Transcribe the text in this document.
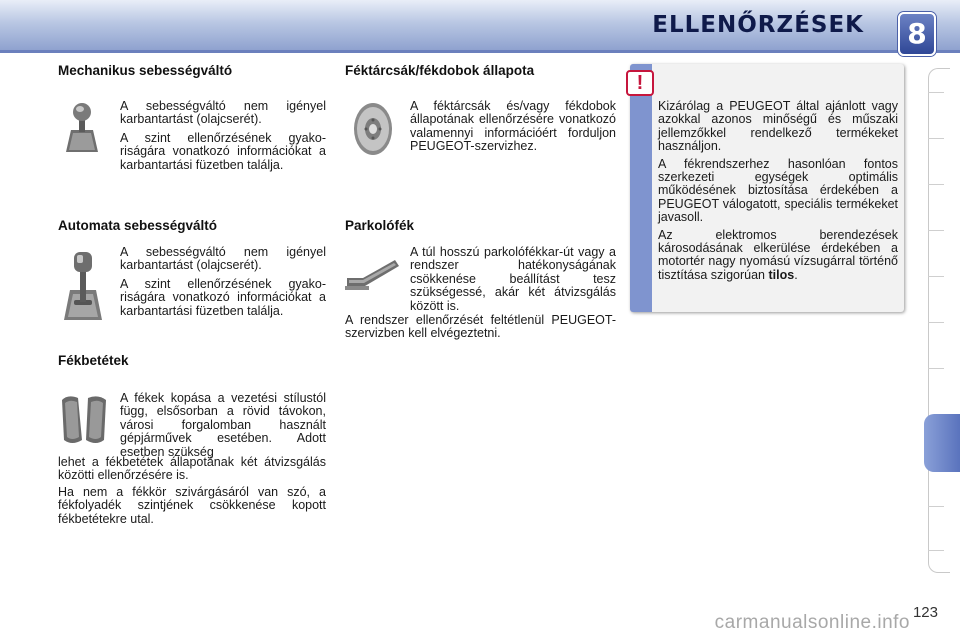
ELLENŐRZÉSEK	8
Mechanikus sebességváltó

A sebességváltó nem igényel karbantartást (olajcserét).

A szint ellenőrzésének gyako-riságára vonatkozó információkat a karbantartási füzetben találja.

Automata sebességváltó

A sebességváltó nem igényel karbantartást (olajcserét).

A szint ellenőrzésének gyako-riságára vonatkozó információkat a karbantartási füzetben találja.

Fékbetétek
A fékek kopása a vezetési stílustól függ, elsősorban a rövid távokon, városi forgalomban használt gépjárművek esetében. Adott esetben szükség
lehet a fékbetétek állapotának két átvizsgálás közötti ellenőrzésére is.
Ha nem a fékkör szivárgásáról van szó, a fékfolyadék szintjének csökkenése kopott fékbetétekre utal.
Féktárcsák/fékdobok állapota

A féktárcsák és/vagy fékdobok állapotának ellenőrzésére vonatkozó valamennyi információért forduljon PEUGEOT-szervizhez.

Parkolófék
A túl hosszú parkolófékkar-út vagy a rendszer hatékonyságának csökkenése beállítást tesz szükségessé, akár két átvizsgálás között is.
A rendszer ellenőrzését feltétlenül PEUGEOT-szervizben kell elvégeztetni.
!

Kizárólag a PEUGEOT által ajánlott vagy azokkal azonos minőségű és műszaki jellemzőkkel rendelkező termékeket használjon.

A fékrendszerhez hasonlóan fontos szerkezeti egységek optimális működésének biztosítása érdekében a PEUGEOT válogatott, speciális termékeket javasoll.

Az elektromos berendezések károsodásának elkerülése érdekében a motortér nagy nyomású vízsugárral történő tisztítása szigorúan tilos.

123
carmanualsonline.info
